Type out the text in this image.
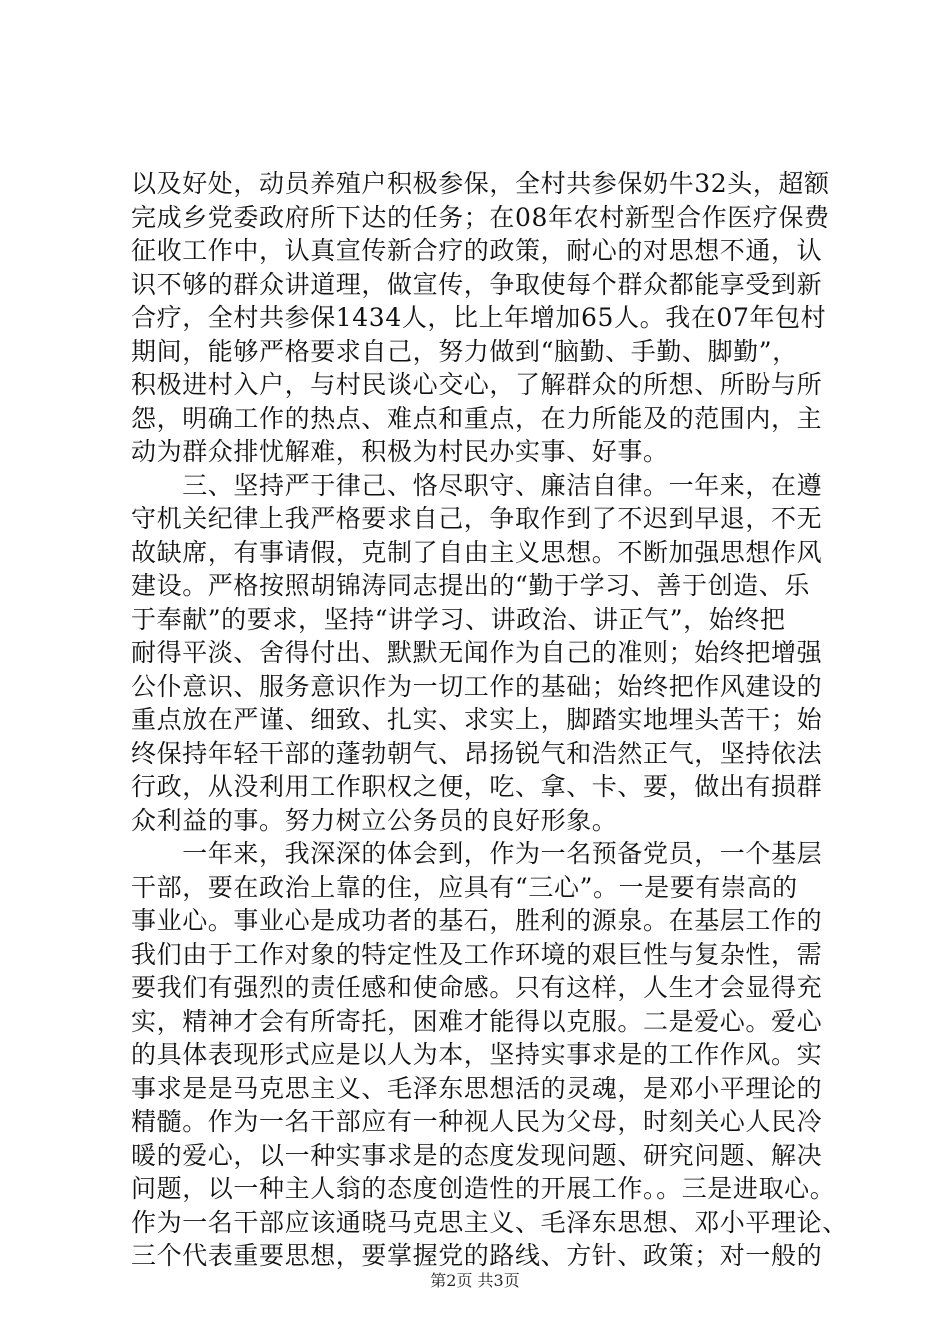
以及好处，动员养殖户积极参保，全村共参保奶牛32头，超额
完成乡党委政府所下达的任务；在08年农村新型合作医疗保费
征收工作中，认真宣传新合疗的政策，耐心的对思想不通，认
识不够的群众讲道理，做宣传，争取使每个群众都能享受到新
合疗，全村共参保1434人，比上年增加65人。我在07年包村
期间，能够严格要求自己，努力做到“脑勤、手勤、脚勤”，
积极进村入户，与村民谈心交心，了解群众的所想、所盼与所
怨，明确工作的热点、难点和重点，在力所能及的范围内，主
动为群众排忧解难，积极为村民办实事、好事。
　　三、坚持严于律己、恪尽职守、廉洁自律。一年来，在遵
守机关纪律上我严格要求自己，争取作到了不迟到早退，不无
故缺席，有事请假，克制了自由主义思想。不断加强思想作风
建设。严格按照胡锦涛同志提出的“勤于学习、善于创造、乐
于奉献”的要求，坚持“讲学习、讲政治、讲正气”，始终把
耐得平淡、舍得付出、默默无闻作为自己的准则；始终把增强
公仆意识、服务意识作为一切工作的基础；始终把作风建设的
重点放在严谨、细致、扎实、求实上，脚踏实地埋头苦干；始
终保持年轻干部的蓬勃朝气、昂扬锐气和浩然正气，坚持依法
行政，从没利用工作职权之便，吃、拿、卡、要，做出有损群
众利益的事。努力树立公务员的良好形象。
　　一年来，我深深的体会到，作为一名预备党员，一个基层
干部，要在政治上靠的住，应具有“三心”。一是要有崇高的
事业心。事业心是成功者的基石，胜利的源泉。在基层工作的
我们由于工作对象的特定性及工作环境的艰巨性与复杂性，需
要我们有强烈的责任感和使命感。只有这样，人生才会显得充
实，精神才会有所寄托，困难才能得以克服。二是爱心。爱心
的具体表现形式应是以人为本，坚持实事求是的工作作风。实
事求是是马克思主义、毛泽东思想活的灵魂，是邓小平理论的
精髓。作为一名干部应有一种视人民为父母，时刻关心人民冷
暖的爱心，以一种实事求是的态度发现问题、研究问题、解决
问题，以一种主人翁的态度创造性的开展工作。。三是进取心。
作为一名干部应该通晓马克思主义、毛泽东思想、邓小平理论、
三个代表重要思想，要掌握党的路线、方针、政策；对一般的
第2页 共3页
